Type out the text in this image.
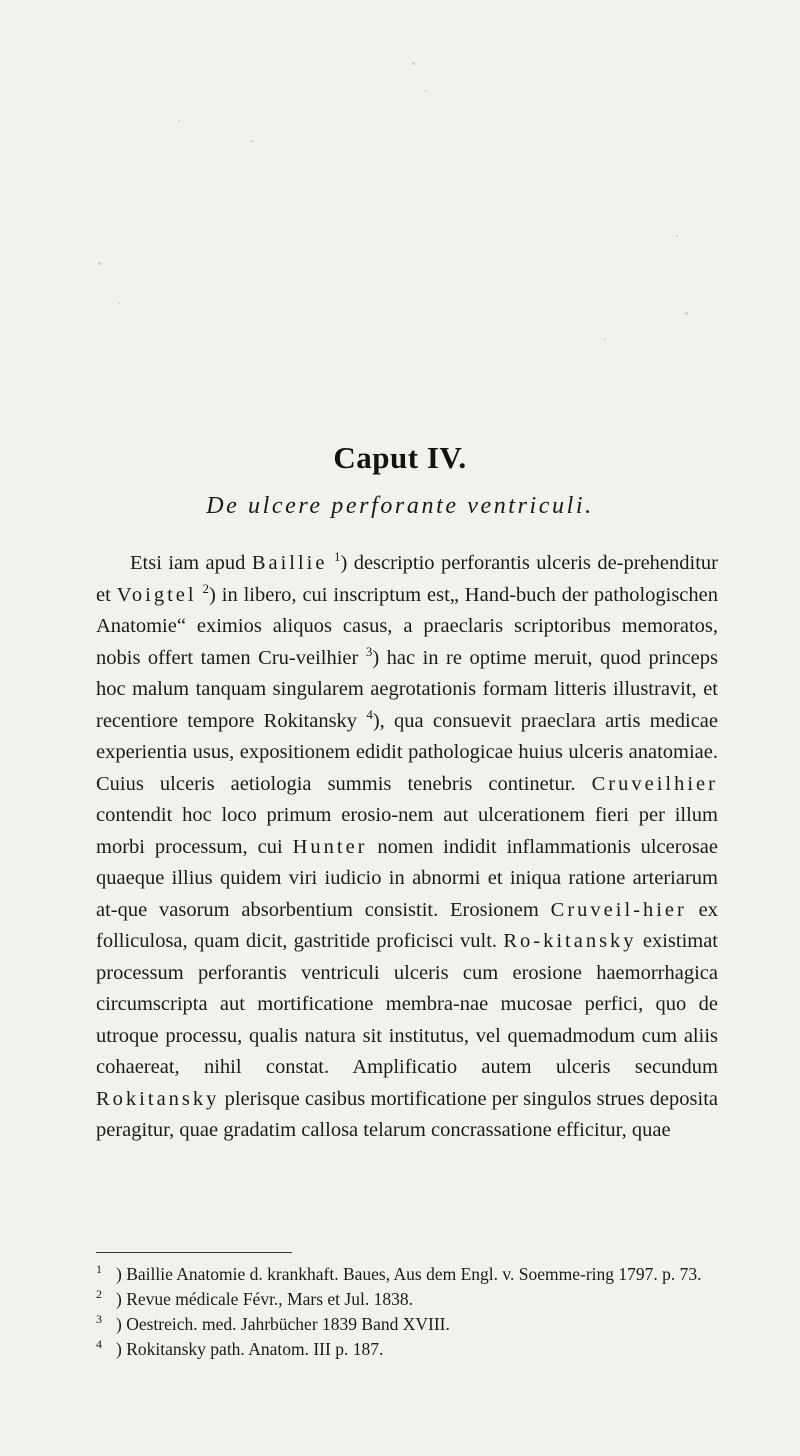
Caput IV.
De ulcere perforante ventriculi.

Etsi iam apud Baillie $^1$) descriptio perforantis ulceris de-prehenditur et Voigtel $^2$) in libero, cui inscriptum est„ Hand-buch der pathologischen Anatomie“ eximios aliquos casus, a praeclaris scriptoribus memoratos, nobis offert tamen Cru-veilhier $^3$) hac in re optime meruit, quod princeps hoc malum tanquam singularem aegrotationis formam litteris illustravit, et recentiore tempore Rokitansky $^4$), qua consuevit praeclara artis medicae experientia usus, expositionem edidit pathologicae huius ulceris anatomiae. Cuius ulceris aetiologia summis tenebris continetur. Cruveilhier contendit hoc loco primum erosio-nem aut ulcerationem fieri per illum morbi processum, cui Hunter nomen indidit inflammationis ulcerosae quaeque illius quidem viri iudicio in abnormi et iniqua ratione arteriarum at-que vasorum absorbentium consistit. Erosionem Cruveil-hier ex folliculosa, quam dicit, gastritide proficisci vult. Ro-kitansky existimat processum perforantis ventriculi ulceris cum erosione haemorrhagica circumscripta aut mortificatione membra-nae mucosae perfici, quo de utroque processu, qualis natura sit institutus, vel quemadmodum cum aliis cohaereat, nihil constat. Amplificatio autem ulceris secundum Rokitansky plerisque casibus mortificatione per singulos strues deposita peragitur, quae gradatim callosa telarum concrassatione efficitur, quae

1 ) Baillie Anatomie d. krankhaft. Baues, Aus dem Engl. v. Soemme-ring 1797. p. 73.

2 ) Revue médicale Févr., Mars et Jul. 1838.

3 ) Oestreich. med. Jahrbücher 1839 Band XVIII.

4 ) Rokitansky path. Anatom. III p. 187.
